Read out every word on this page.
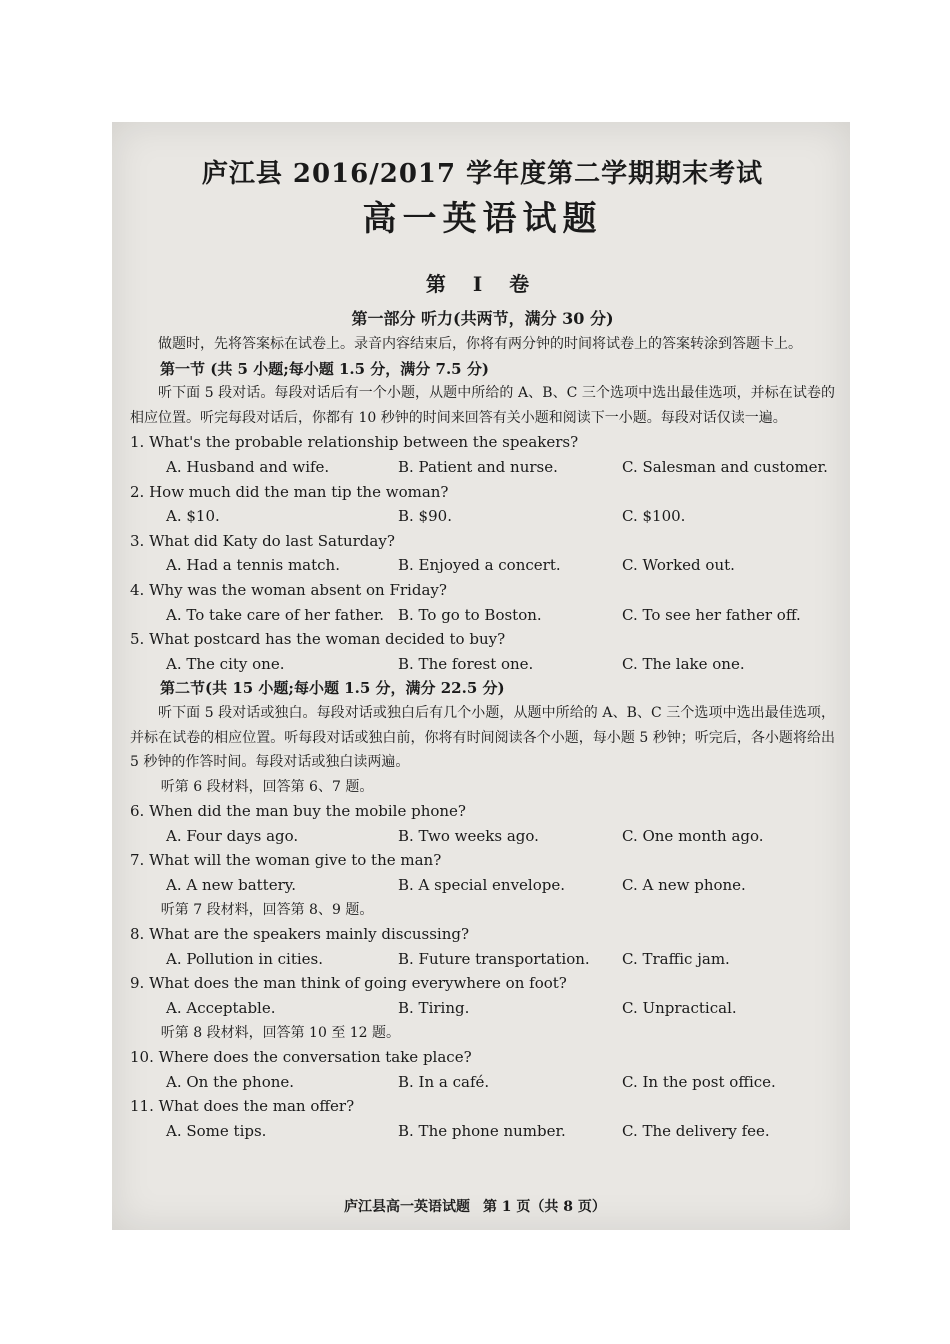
庐江县 2016/2017 学年度第二学期期末考试
高一英语试题
第 I 卷
第一部分 听力(共两节，满分 30 分)

做题时，先将答案标在试卷上。录音内容结束后，你将有两分钟的时间将试卷上的答案转涂到答题卡上。

第一节 (共 5 小题;每小题 1.5 分，满分 7.5 分)

听下面 5 段对话。每段对话后有一个小题，从题中所给的 A、B、C 三个选项中选出最佳选项，并标在试卷的相应位置。听完每段对话后，你都有 10 秒钟的时间来回答有关小题和阅读下一小题。每段对话仅读一遍。

1. What's the probable relationship between the speakers?

A. Husband and wife.	B. Patient and nurse.	C. Salesman and customer.

2. How much did the man tip the woman?

A. $10.	B. $90.	C. $100.

3. What did Katy do last Saturday?

A. Had a tennis match.	B. Enjoyed a concert.	C. Worked out.

4. Why was the woman absent on Friday?

A. To take care of her father. B. To go to Boston.	C. To see her father off.

5. What postcard has the woman decided to buy?

A. The city one.	B. The forest one.	C. The lake one.

第二节(共 15 小题;每小题 1.5 分，满分 22.5 分)

听下面 5 段对话或独白。每段对话或独白后有几个小题，从题中所给的 A、B、C 三个选项中选出最佳选项，并标在试卷的相应位置。听每段对话或独白前，你将有时间阅读各个小题，每小题 5 秒钟；听完后，各小题将给出 5 秒钟的作答时间。每段对话或独白读两遍。

听第 6 段材料，回答第 6、7 题。

6. When did the man buy the mobile phone?

A. Four days ago.	B. Two weeks ago.	C. One month ago.

7. What will the woman give to the man?

A. A new battery.	B. A special envelope.	C. A new phone.

听第 7 段材料，回答第 8、9 题。

8. What are the speakers mainly discussing?

A. Pollution in cities.	B. Future transportation.	C. Traffic jam.

9. What does the man think of going everywhere on foot?

A. Acceptable.	B. Tiring.	C. Unpractical.

听第 8 段材料，回答第 10 至 12 题。

10. Where does the conversation take place?

A. On the phone.	B. In a café.	C. In the post office.

11. What does the man offer?

A. Some tips.	B. The phone number.	C. The delivery fee.
庐江县高一英语试题 第 1 页（共 8 页）
